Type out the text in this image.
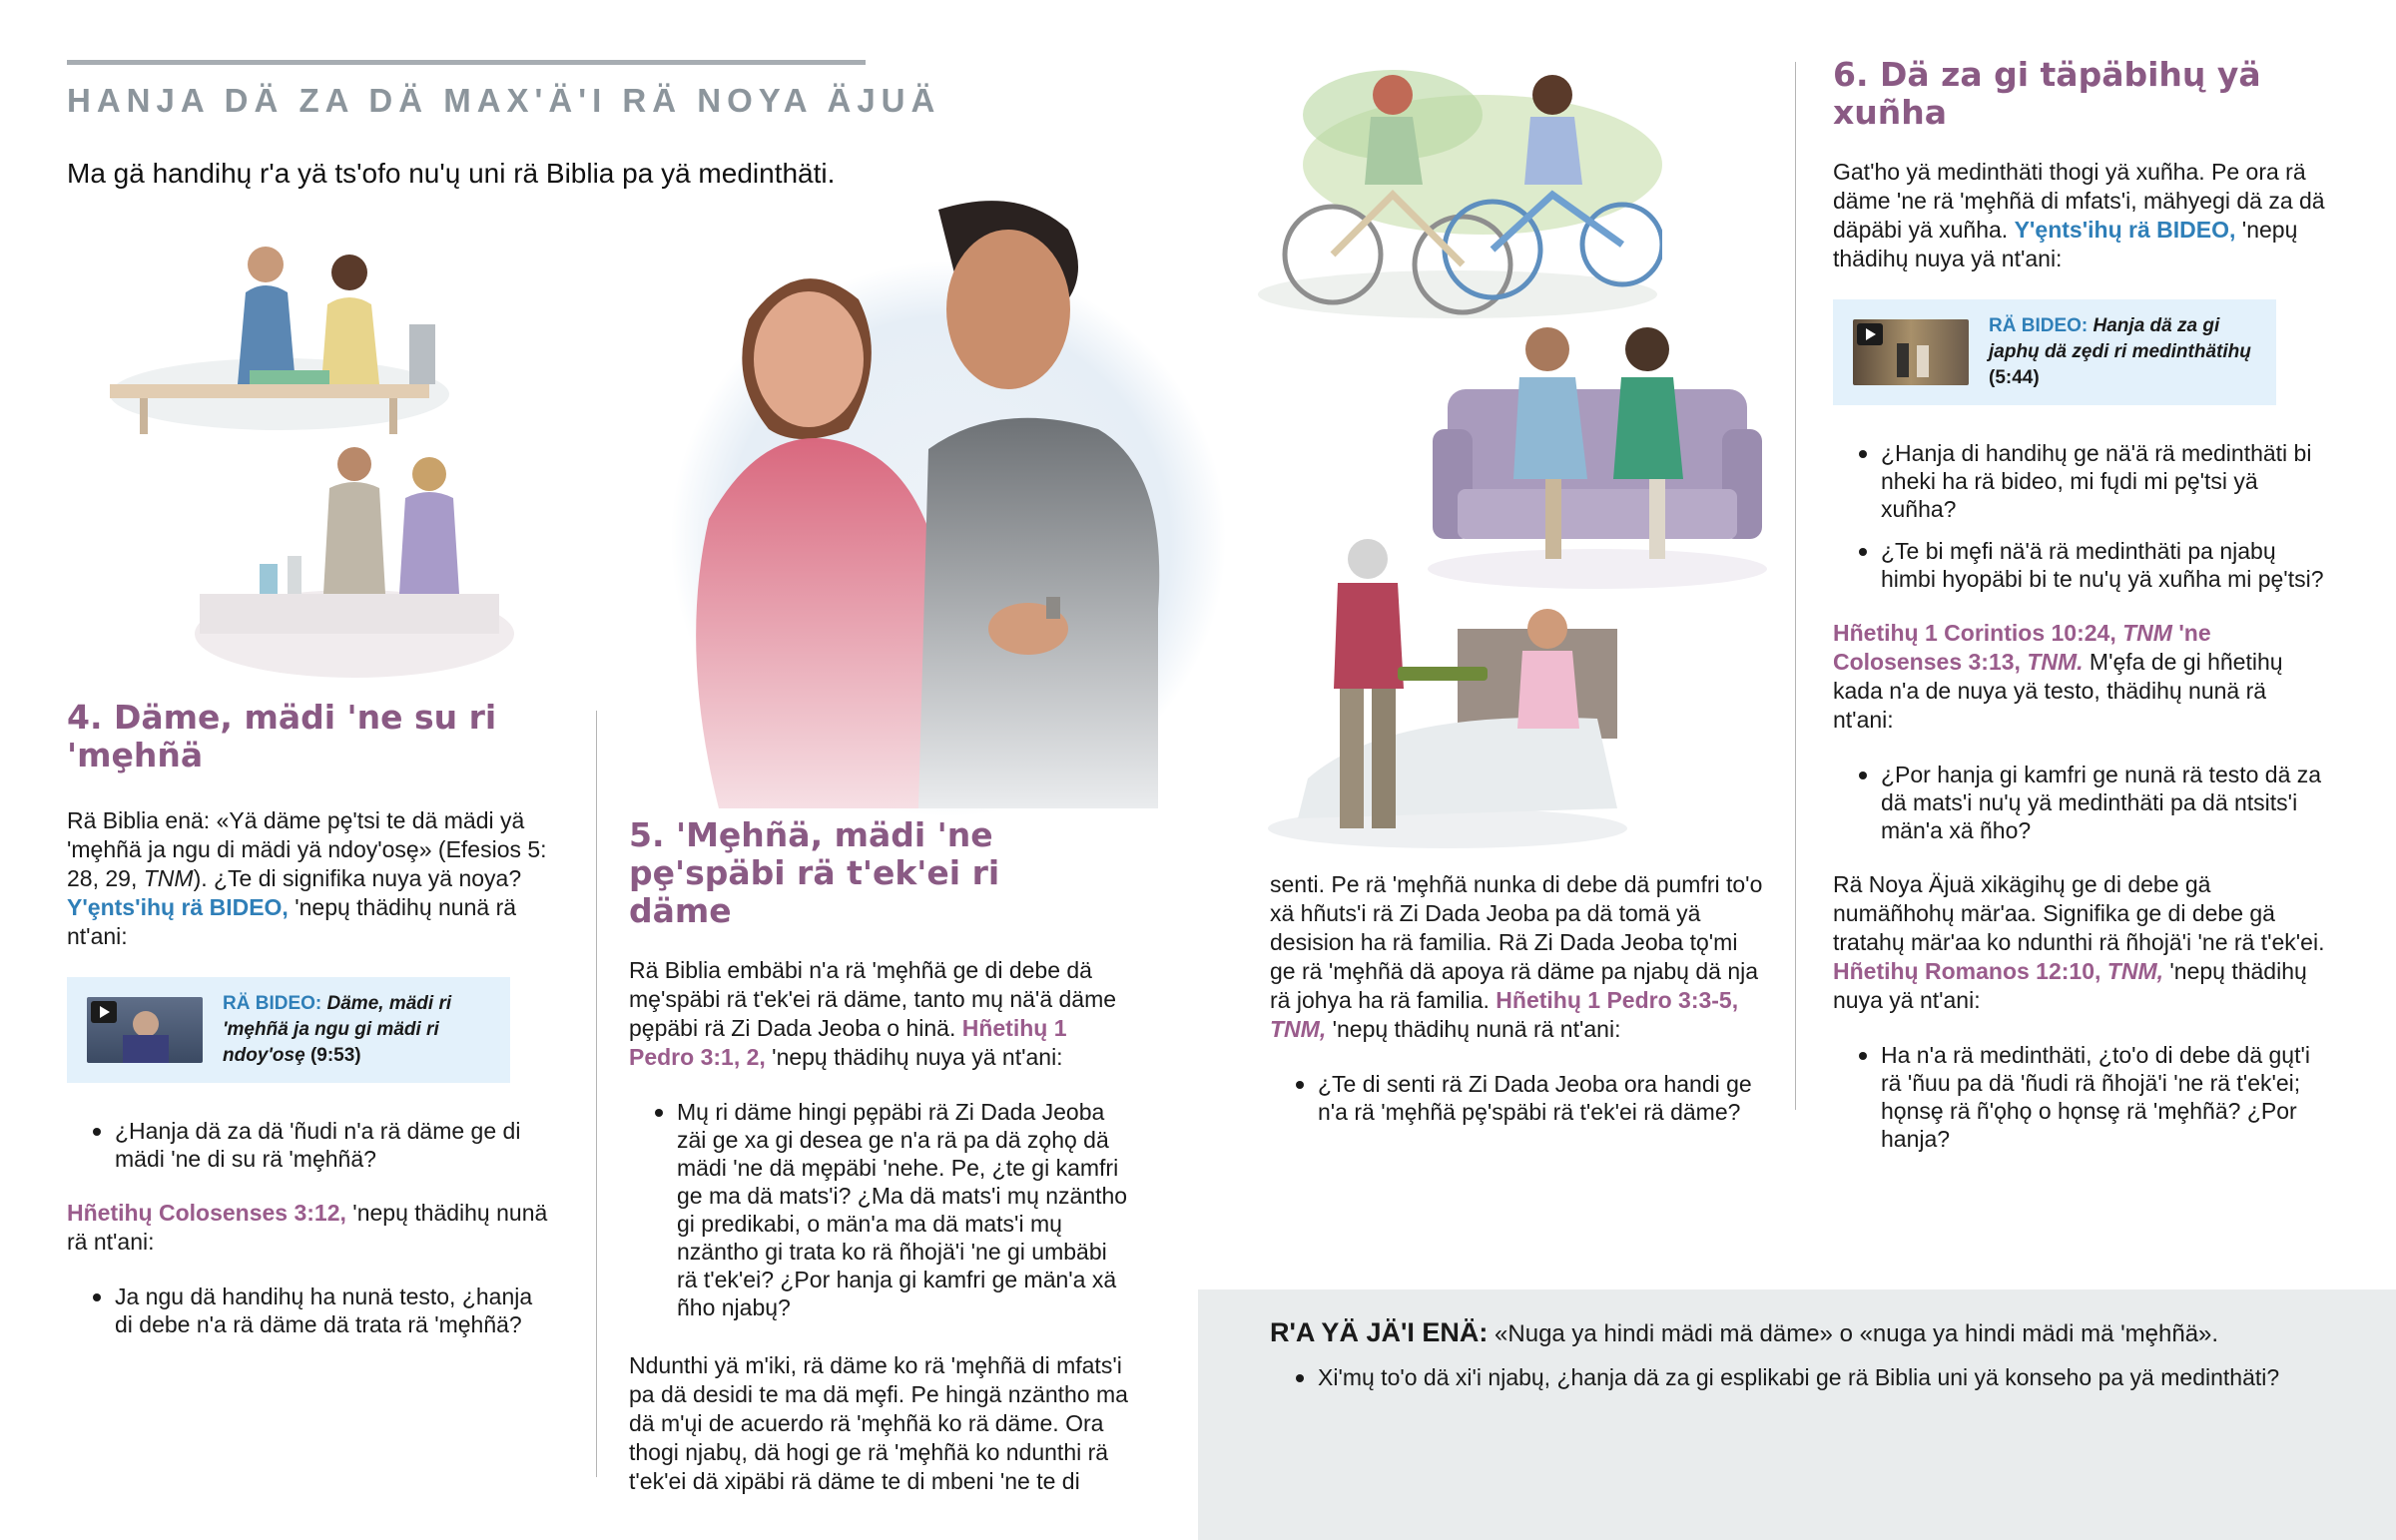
HANJA DÄ ZA DÄ MAX'Ä'I RÄ NOYA ÄJUÄ
Ma gä handihų r'a yä ts'ofo nu'ų uni rä Biblia pa yä medinthäti.
4. Däme, mädi 'ne su ri 'mȩhñä

Rä Biblia enä: «Yä däme pȩ'tsi te dä mädi yä 'mȩhñä ja ngu di mädi yä ndoy'osȩ» (Efesios 5: 28, 29, TNM). ¿Te di signifika nuya yä noya? Y'ȩnts'ihų rä BIDEO, 'nepų thädihų nunä rä nt'ani:

RÄ BIDEO: Däme, mädi ri 'mȩhñä ja ngu gi mädi ri ndoy'osȩ (9:53)
¿Hanja dä za dä 'ñudi n'a rä däme ge di mädi 'ne di su rä 'mȩhñä?

Hñetihų Colosenses 3:12, 'nepų thädihų nunä rä nt'ani:

Ja ngu dä handihų ha nunä testo, ¿hanja di debe n'a rä däme dä trata rä 'mȩhñä?
5. 'Mȩhñä, mädi 'ne pȩ'späbi rä t'ek'ei ri däme

Rä Biblia embäbi n'a rä 'mȩhñä ge di debe dä mȩ'späbi rä t'ek'ei rä däme, tanto mų nä'ä däme pȩpäbi rä Zi Dada Jeoba o hinä. Hñetihų 1 Pedro 3:1, 2, 'nepų thädihų nuya yä nt'ani:

Mų ri däme hingi pȩpäbi rä Zi Dada Jeoba zäi ge xa gi desea ge n'a rä pa dä zǫhǫ dä mädi 'ne dä mȩpäbi 'nehe. Pe, ¿te gi kamfri ge ma dä mats'i? ¿Ma dä mats'i mų nzäntho gi predikabi, o män'a ma dä mats'i mų nzäntho gi trata ko rä ñhojä'i 'ne gi umbäbi rä t'ek'ei? ¿Por hanja gi kamfri ge män'a xä ñho njabų?

Ndunthi yä m'iki, rä däme ko rä 'mȩhñä di mfats'i pa dä desidi te ma dä mȩfi. Pe hingä nzäntho ma dä m'ųi de acuerdo rä 'mȩhñä ko rä däme. Ora thogi njabų, dä hogi ge rä 'mȩhñä ko ndunthi rä t'ek'ei dä xipäbi rä däme te di mbeni 'ne te di

senti. Pe rä 'mȩhñä nunka di debe dä pumfri to'o xä hñuts'i rä Zi Dada Jeoba pa dä tomä yä desision ha rä familia. Rä Zi Dada Jeoba tǫ'mi ge rä 'mȩhñä dä apoya rä däme pa njabų dä nja rä johya ha rä familia. Hñetihų 1 Pedro 3:3-5, TNM, 'nepų thädihų nunä rä nt'ani:

¿Te di senti rä Zi Dada Jeoba ora handi ge n'a rä 'mȩhñä pȩ'späbi rä t'ek'ei rä däme?
6. Dä za gi täpäbihų yä xuñha

Gat'ho yä medinthäti thogi yä xuñha. Pe ora rä däme 'ne rä 'mȩhñä di mfats'i, mähyegi dä za dä däpäbi yä xuñha. Y'ȩnts'ihų rä BIDEO, 'nepų thädihų nuya yä nt'ani:

RÄ BIDEO: Hanja dä za gi japhų dä zȩdi ri medinthätihų (5:44)
¿Hanja di handihų ge nä'ä rä medinthäti bi nheki ha rä bideo, mi fųdi mi pȩ'tsi yä xuñha?
¿Te bi mȩfi nä'ä rä medinthäti pa njabų himbi hyopäbi bi te nu'ų yä xuñha mi pȩ'tsi?

Hñetihų 1 Corintios 10:24, TNM 'ne Colosenses 3:13, TNM. M'ȩfa de gi hñetihų kada n'a de nuya yä testo, thädihų nunä rä nt'ani:

¿Por hanja gi kamfri ge nunä rä testo dä za dä mats'i nu'ų yä medinthäti pa dä ntsits'i män'a xä ñho?

Rä Noya Äjuä xikägihų ge di debe gä numäñhohų mär'aa. Signifika ge di debe gä tratahų mär'aa ko ndunthi rä ñhojä'i 'ne rä t'ek'ei. Hñetihų Romanos 12:10, TNM, 'nepų thädihų nuya yä nt'ani:

Ha n'a rä medinthäti, ¿to'o di debe dä gųt'i rä 'ñuu pa dä 'ñudi rä ñhojä'i 'ne rä t'ek'ei; hǫnsȩ rä ñ'ǫhǫ o hǫnsȩ rä 'mȩhñä? ¿Por hanja?
R'A YÄ JÄ'I ENÄ: «Nuga ya hindi mädi mä däme» o «nuga ya hindi mädi mä 'mȩhñä».
Xi'mų to'o dä xi'i njabų, ¿hanja dä za gi esplikabi ge rä Biblia uni yä konseho pa yä medinthäti?
